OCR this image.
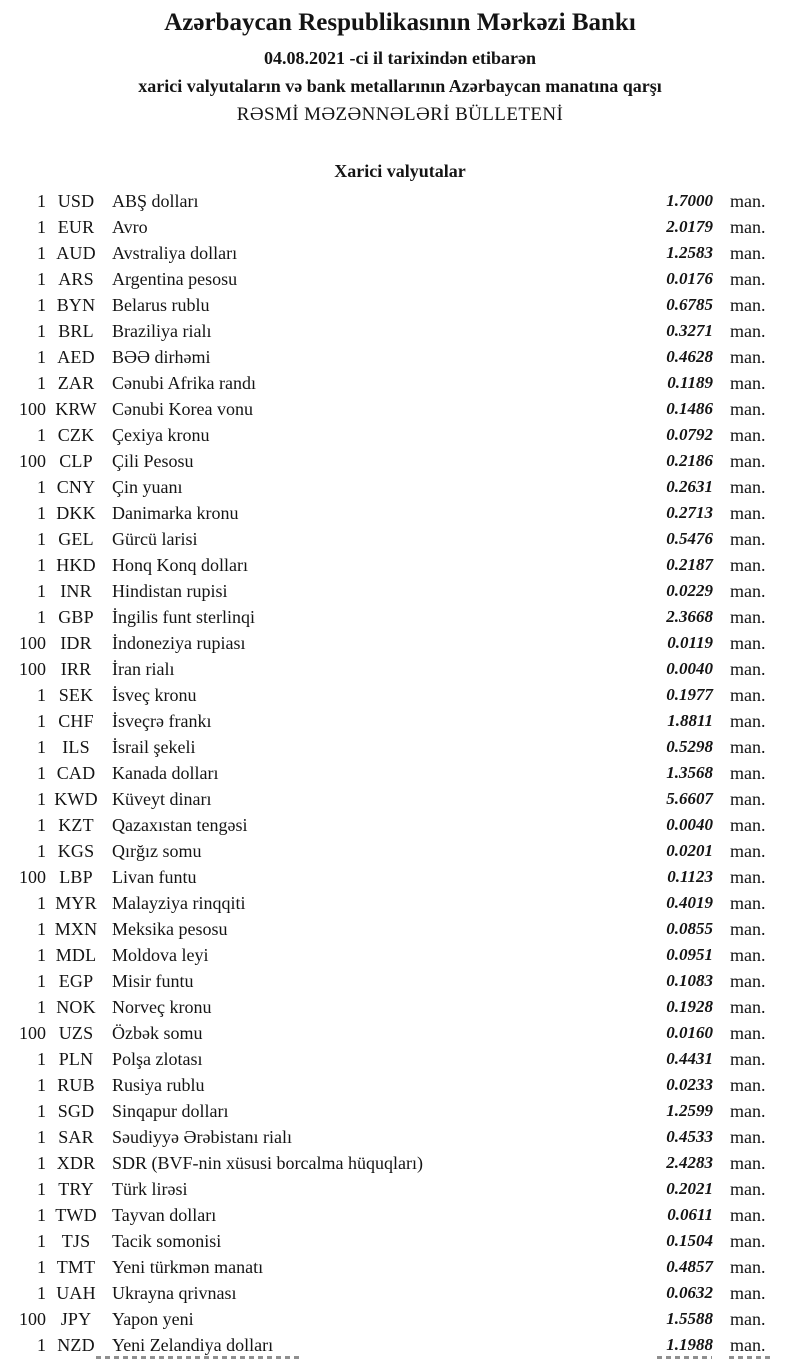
Azərbaycan Respublikasının Mərkəzi Bankı
04.08.2021 -ci il tarixindən etibarən
xarici valyutaların və bank metallarının Azərbaycan manatına qarşı
RƏSMİ MƏZƏNNƏLƏRİ BÜLLETENİ
Xarici valyutalar
1 USD ABŞ dolları	1.7000 man.
1 EUR Avro	2.0179 man.
1 AUD Avstraliya dolları	1.2583 man.
1 ARS	Argentina pesosu	0.0176 man.
1 BYN Belarus rublu	0.6785 man.
1 BRL	Braziliya rialı	0.3271 man.
1 AED BƏƏ dirhəmi	0.4628 man.
1 ZAR Cənubi Afrika randı	0.1189 man.
100 KRW Cənubi Korea vonu	0.1486 man.
1 CZK Çexiya kronu	0.0792 man.
100 CLP	Çili Pesosu	0.2186 man.
1 CNY Çin yuanı	0.2631 man.
1 DKK Danimarka kronu	0.2713 man.
1 GEL	Gürcü larisi	0.5476 man.
1 HKD Honq Konq dolları	0.2187 man.
1 INR	Hindistan rupisi	0.0229 man.
1 GBP	İngilis funt sterlinqi	2.3668 man.
100 IDR	İndoneziya rupiası	0.0119 man.
100 IRR	İran rialı	0.0040 man.
1 SEK	İsveç kronu	0.1977 man.
1 CHF	İsveçrə frankı	1.8811 man.
1 ILS	İsrail şekeli	0.5298 man.
1 CAD Kanada dolları	1.3568 man.
1 KWD Küveyt dinarı	5.6607 man.
1 KZT	Qazaxıstan tengəsi	0.0040 man.
1 KGS Qırğız somu	0.0201 man.
100 LBP	Livan funtu	0.1123 man.
1 MYR Malayziya rinqqiti	0.4019 man.
1 MXN Meksika pesosu	0.0855 man.
1 MDL Moldova leyi	0.0951 man.
1 EGP	Misir funtu	0.1083 man.
1 NOK Norveç kronu	0.1928 man.
100 UZS	Özbək somu	0.0160 man.
1 PLN	Polşa zlotası	0.4431 man.
1 RUB Rusiya rublu	0.0233 man.
1 SGD Sinqapur dolları	1.2599 man.
1 SAR	Səudiyyə Ərəbistanı rialı	0.4533 man.
1 XDR SDR (BVF-nin xüsusi borcalma hüquqları)	2.4283 man.
1 TRY	Türk lirəsi	0.2021 man.
1 TWD Tayvan dolları	0.0611 man.
1 TJS	Tacik somonisi	0.1504 man.
1 TMT Yeni türkmən manatı	0.4857 man.
1 UAH Ukrayna qrivnası	0.0632 man.
100 JPY	Yapon yeni	1.5588 man.
1 NZD Yeni Zelandiya dolları	1.1988 man.
